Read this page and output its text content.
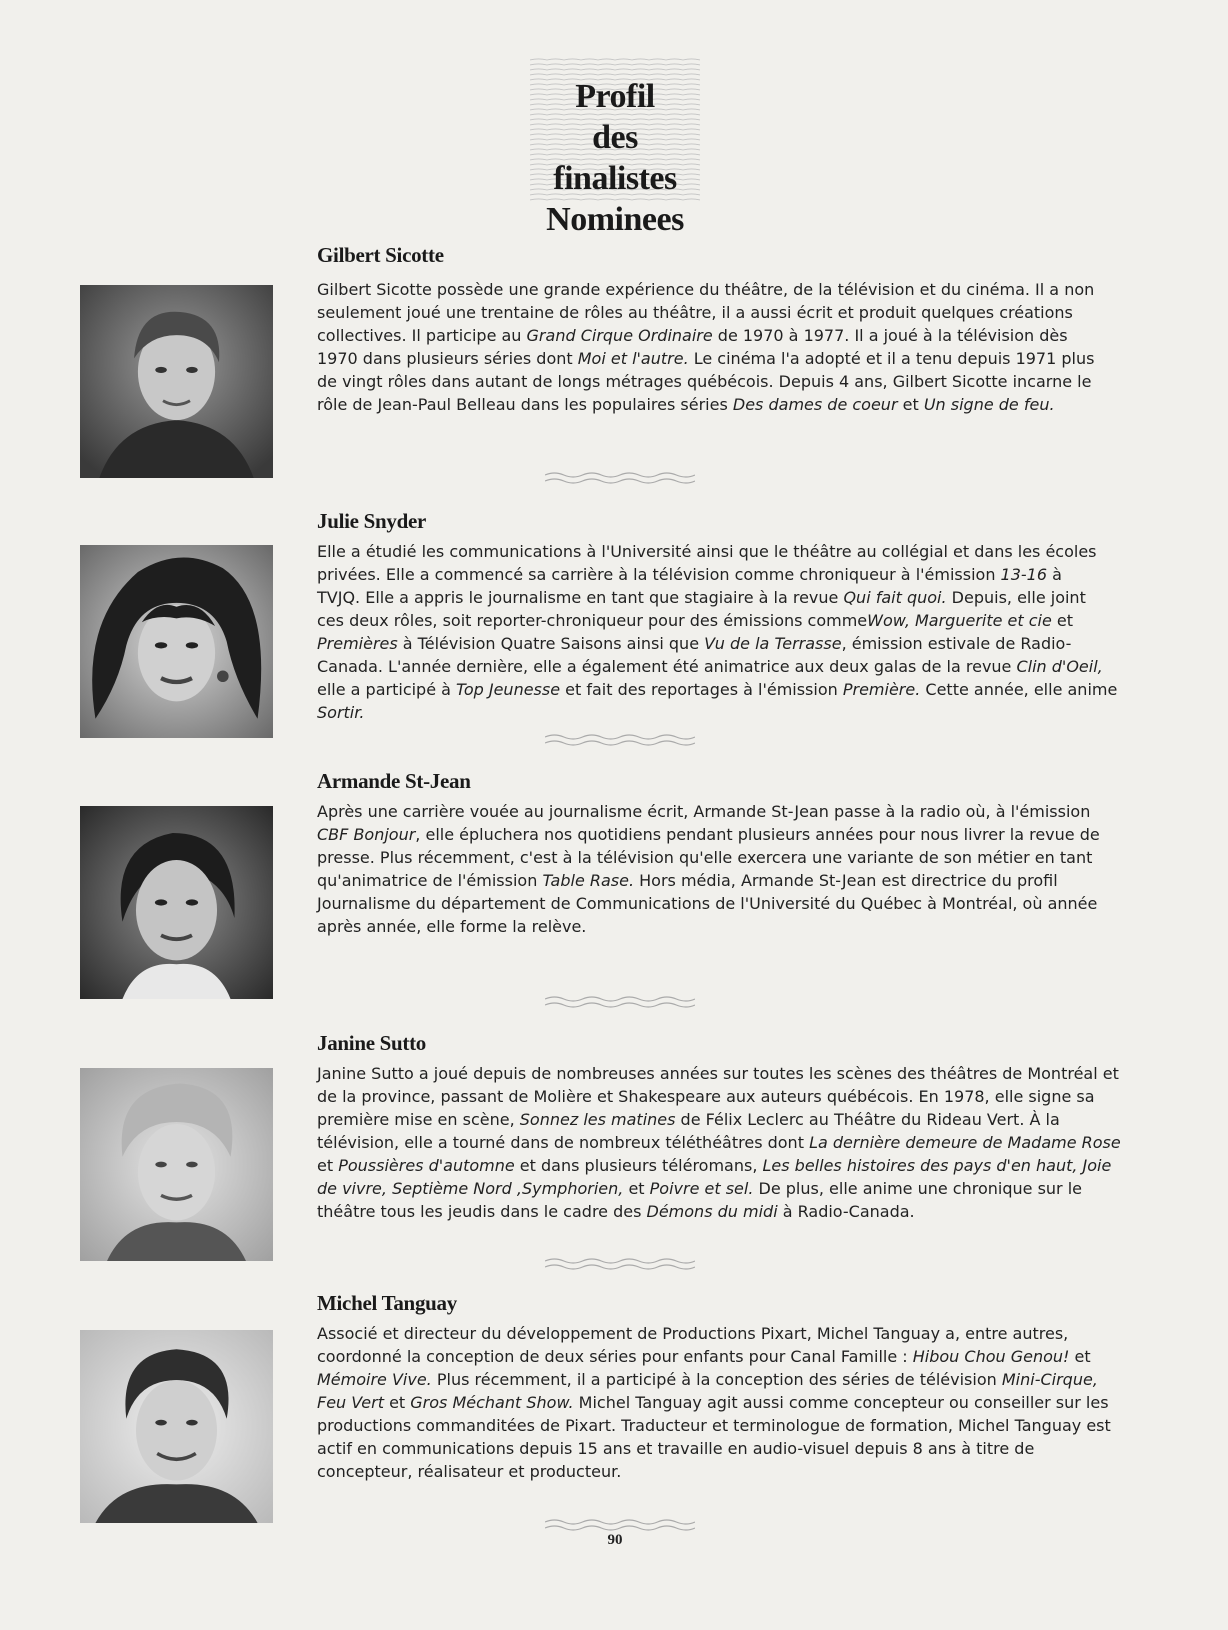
Profil
des finalistes
Nominees
Gilbert Sicotte

Gilbert Sicotte possède une grande expérience du théâtre, de la télévision et du cinéma. Il a non
seulement joué une trentaine de rôles au théâtre, il a aussi écrit et produit quelques créations
collectives. Il participe au Grand Cirque Ordinaire de 1970 à 1977. Il a joué à la télévision dès
1970 dans plusieurs séries dont Moi et l'autre. Le cinéma l'a adopté et il a tenu depuis 1971 plus
de vingt rôles dans autant de longs métrages québécois. Depuis 4 ans, Gilbert Sicotte incarne le
rôle de Jean-Paul Belleau dans les populaires séries Des dames de coeur et Un signe de feu.

Julie Snyder

Elle a étudié les communications à l'Université ainsi que le théâtre au collégial et dans les écoles
privées. Elle a commencé sa carrière à la télévision comme chroniqueur à l'émission 13-16 à
TVJQ. Elle a appris le journalisme en tant que stagiaire à la revue Qui fait quoi. Depuis, elle joint
ces deux rôles, soit reporter-chroniqueur pour des émissions commeWow, Marguerite et cie et
Premières à Télévision Quatre Saisons ainsi que Vu de la Terrasse, émission estivale de Radio-
Canada. L'année dernière, elle a également été animatrice aux deux galas de la revue Clin d'Oeil,
elle a participé à Top Jeunesse et fait des reportages à l'émission Première. Cette année, elle anime
Sortir.

Armande St-Jean

Après une carrière vouée au journalisme écrit, Armande St-Jean passe à la radio où, à l'émission
CBF Bonjour, elle épluchera nos quotidiens pendant plusieurs années pour nous livrer la revue de
presse. Plus récemment, c'est à la télévision qu'elle exercera une variante de son métier en tant
qu'animatrice de l'émission Table Rase. Hors média, Armande St-Jean est directrice du profil
Journalisme du département de Communications de l'Université du Québec à Montréal, où année
après année, elle forme la relève.

Janine Sutto

Janine Sutto a joué depuis de nombreuses années sur toutes les scènes des théâtres de Montréal et
de la province, passant de Molière et Shakespeare aux auteurs québécois. En 1978, elle signe sa
première mise en scène, Sonnez les matines de Félix Leclerc au Théâtre du Rideau Vert. À la
télévision, elle a tourné dans de nombreux téléthéâtres dont La dernière demeure de Madame Rose
et Poussières d'automne et dans plusieurs téléromans, Les belles histoires des pays d'en haut, Joie
de vivre, Septième Nord ,Symphorien, et Poivre et sel. De plus, elle anime une chronique sur le
théâtre tous les jeudis dans le cadre des Démons du midi à Radio-Canada.

Michel Tanguay

Associé et directeur du développement de Productions Pixart, Michel Tanguay a, entre autres,
coordonné la conception de deux séries pour enfants pour Canal Famille : Hibou Chou Genou! et
Mémoire Vive. Plus récemment, il a participé à la conception des séries de télévision Mini-Cirque,
Feu Vert et Gros Méchant Show. Michel Tanguay agit aussi comme concepteur ou conseiller sur les
productions commanditées de Pixart. Traducteur et terminologue de formation, Michel Tanguay est
actif en communications depuis 15 ans et travaille en audio-visuel depuis 8 ans à titre de
concepteur, réalisateur et producteur.

90
